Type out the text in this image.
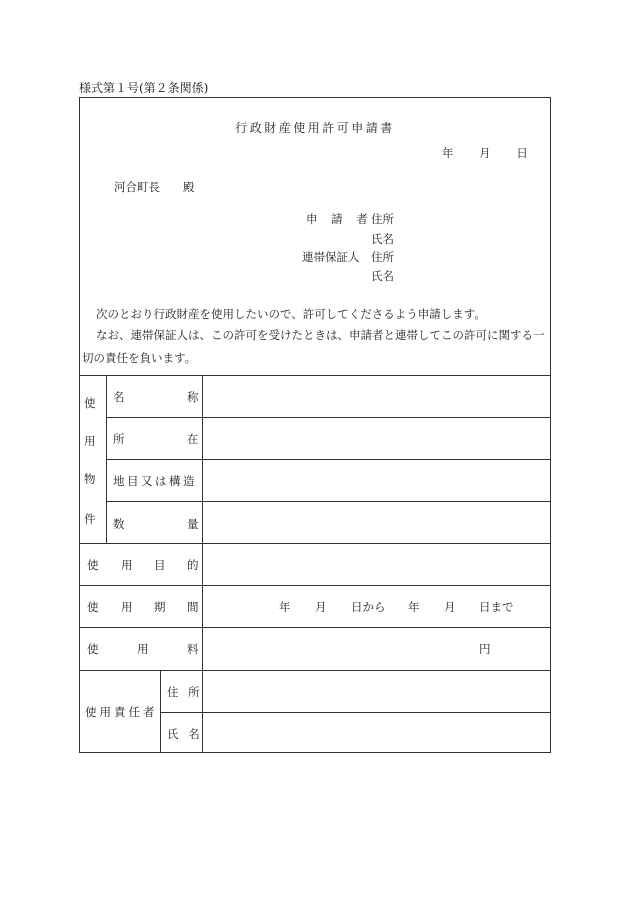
様式第１号(第２条関係)
行政財産使用許可申請書
年 月 日
河合町長　　殿
申 請 者
住所
氏名
連帯保証人 住所
氏名
次のとおり行政財産を使用したいので、許可してくださるよう申請します。
なお、連帯保証人は、この許可を受けたときは、申請者と連帯してこの許可に関する一
切の責任を負います。
使
用
物
件
名	称
所	在
地目又は構造
数	量
使 用 目 的
使 用 期 間	年 月 日から 年 月 日まで
使	用	料	円
使用責任者
住 所
氏 名
